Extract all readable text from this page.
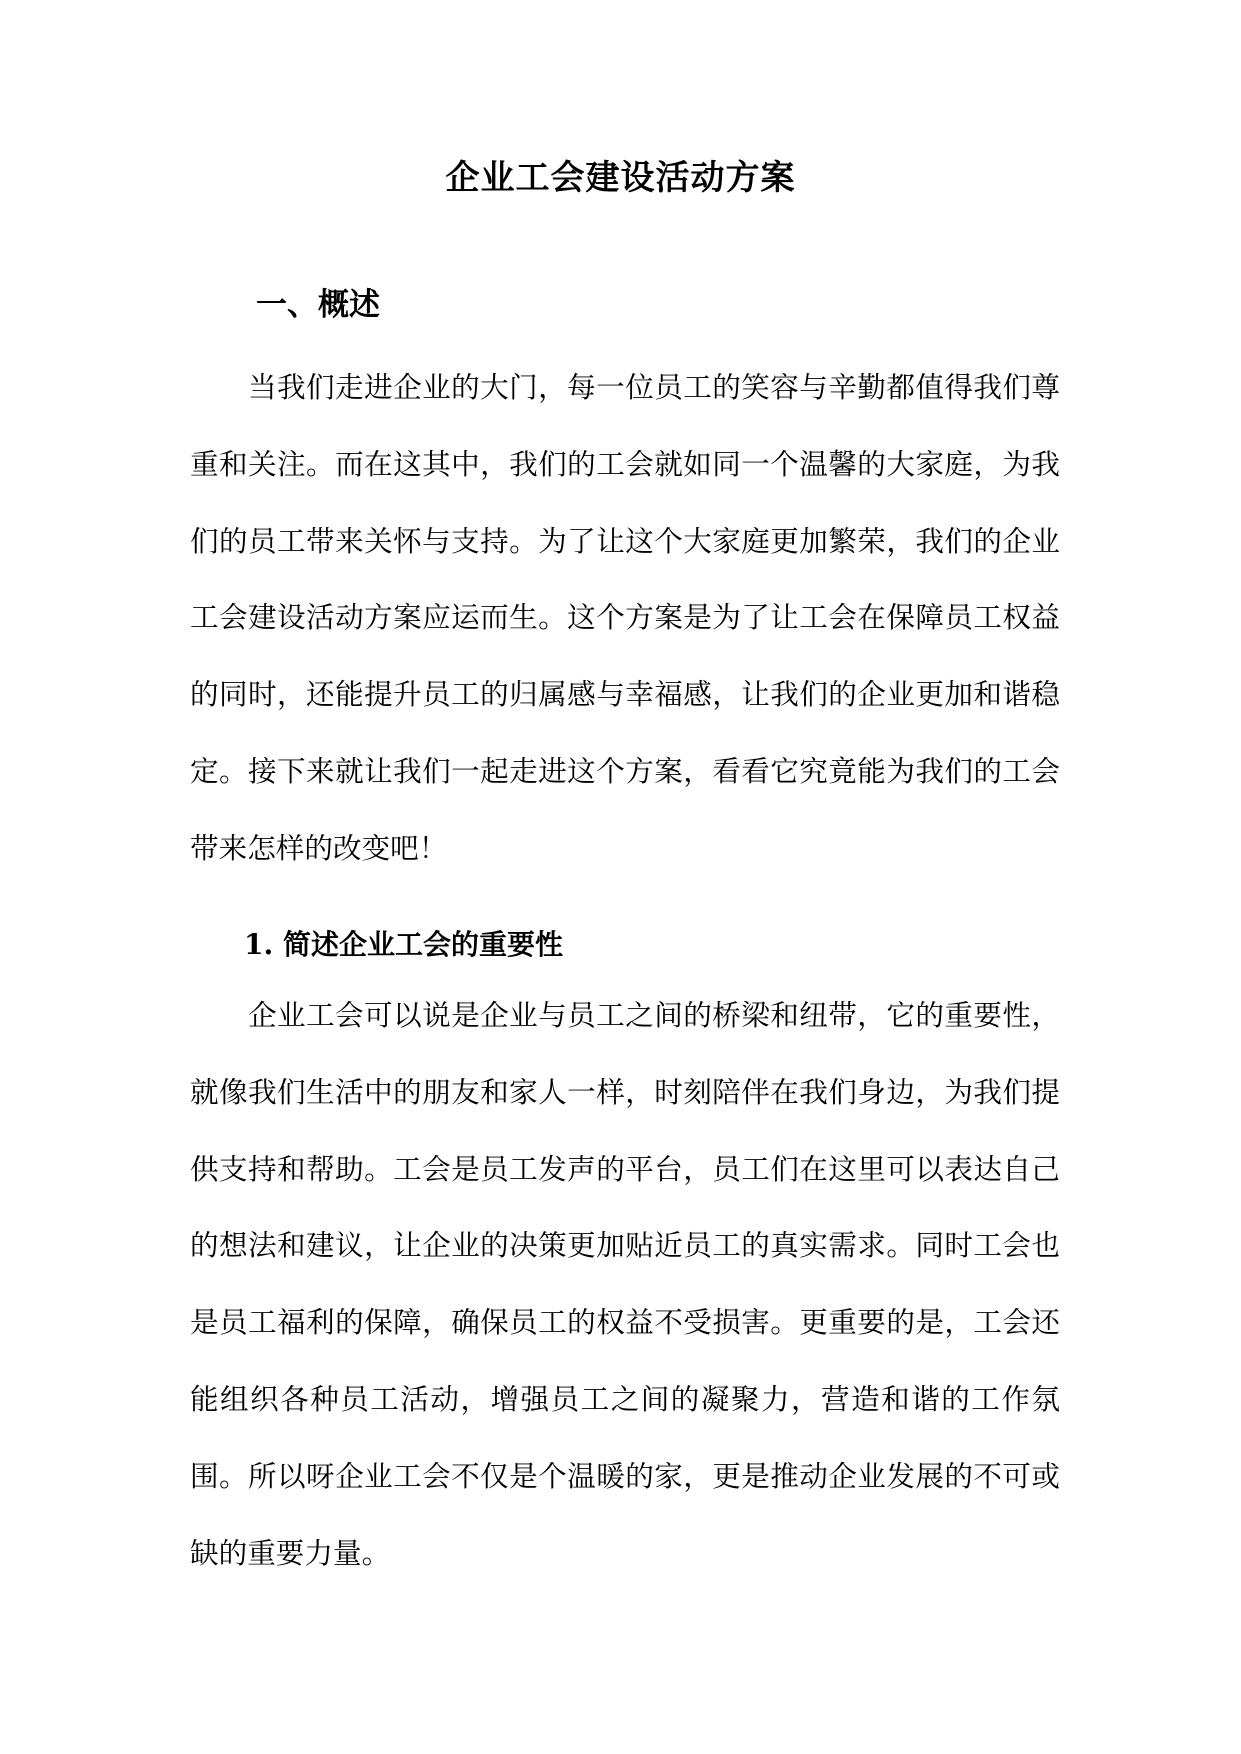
企业工会建设活动方案
一、概述

当我们走进企业的大门，每一位员工的笑容与辛勤都值得我们尊重和关注。而在这其中，我们的工会就如同一个温馨的大家庭，为我们的员工带来关怀与支持。为了让这个大家庭更加繁荣，我们的企业工会建设活动方案应运而生。这个方案是为了让工会在保障员工权益的同时，还能提升员工的归属感与幸福感，让我们的企业更加和谐稳定。接下来就让我们一起走进这个方案，看看它究竟能为我们的工会带来怎样的改变吧！

1. 简述企业工会的重要性

企业工会可以说是企业与员工之间的桥梁和纽带，它的重要性，就像我们生活中的朋友和家人一样，时刻陪伴在我们身边，为我们提供支持和帮助。工会是员工发声的平台，员工们在这里可以表达自己的想法和建议，让企业的决策更加贴近员工的真实需求。同时工会也是员工福利的保障，确保员工的权益不受损害。更重要的是，工会还能组织各种员工活动，增强员工之间的凝聚力，营造和谐的工作氛围。所以呀企业工会不仅是个温暖的家，更是推动企业发展的不可或缺的重要力量。
